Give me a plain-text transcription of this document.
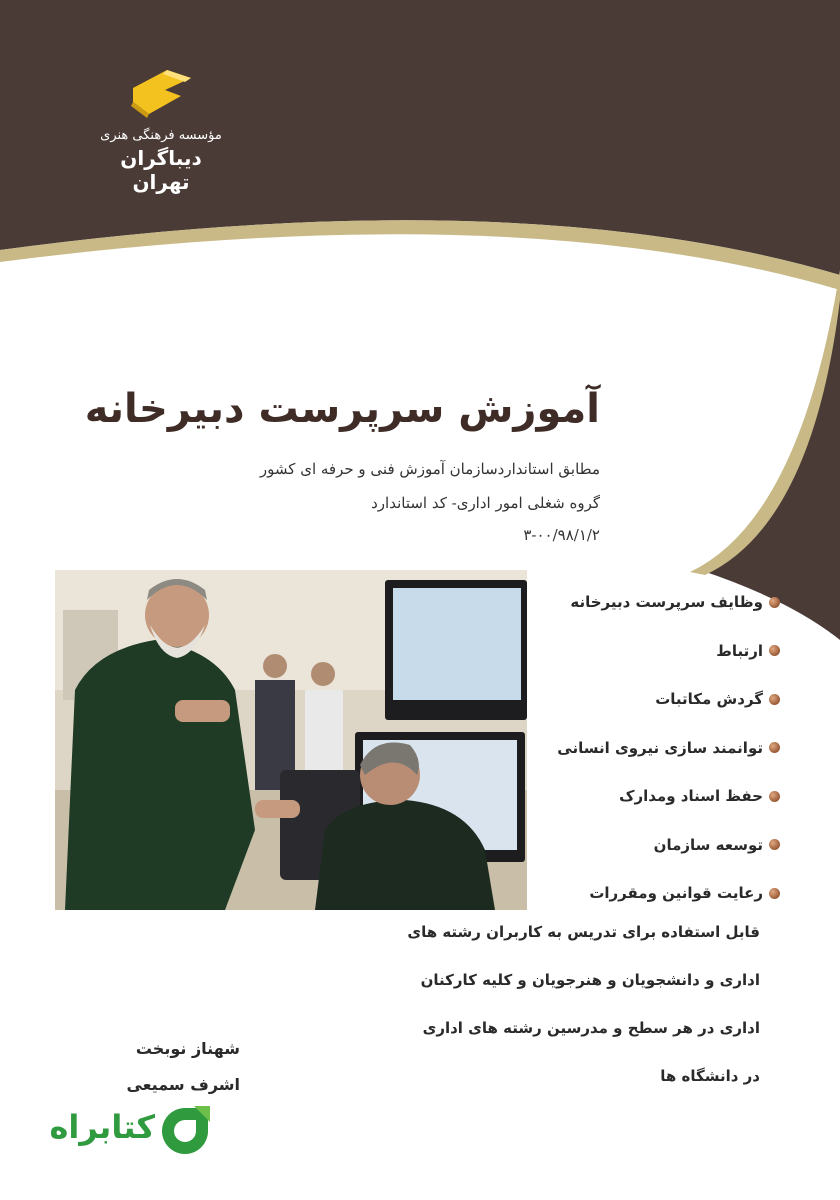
مؤسسه فرهنگی هنری
دیباگران تهران
آموزش سرپرست دبیرخانه
مطابق استانداردسازمان آموزش فنی و حرفه ای کشور
گروه شغلی امور اداری- کد استاندارد
۳-۰۰/۹۸/۱/۲
وظایف سرپرست دبیرخانه
ارتباط
گردش مکاتبات
توانمند سازی نیروی انسانی
حفظ اسناد ومدارک
توسعه سازمان
رعایت قوانین ومقررات

قابل استفاده برای تدریس به کاربران رشته های

اداری و دانشجویان و هنرجویان و کلیه کارکنان

اداری در هر سطح و مدرسین رشته های اداری

در دانشگاه ها

شهناز نوبخت
اشرف سمیعی
کتابراه
